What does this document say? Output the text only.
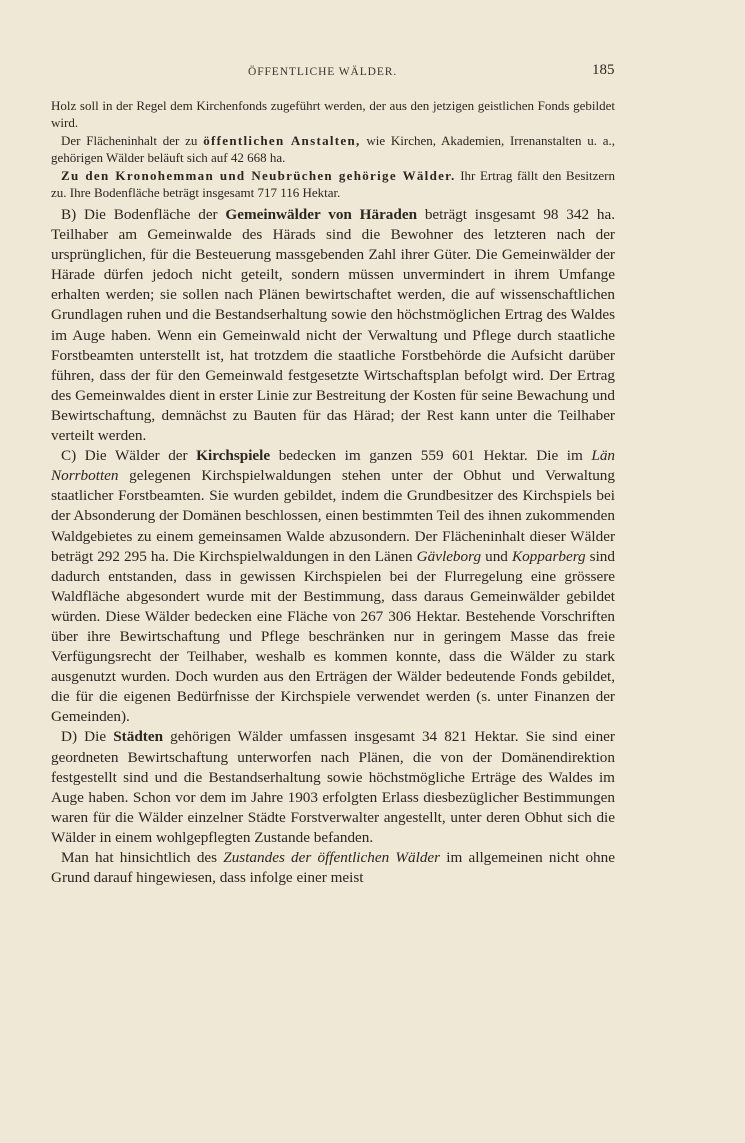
ÖFFENTLICHE WÄLDER.	185

Holz soll in der Regel dem Kirchenfonds zugeführt werden, der aus den jetzigen geistlichen Fonds gebildet wird.

Der Flächeninhalt der zu öffentlichen Anstalten, wie Kirchen, Akademien, Irrenanstalten u. a., gehörigen Wälder beläuft sich auf 42 668 ha.

Zu den Kronohemman und Neubrüchen gehörige Wälder. Ihr Ertrag fällt den Besitzern zu. Ihre Bodenfläche beträgt insgesamt 717 116 Hektar.

B) Die Bodenfläche der Gemeinwälder von Häraden beträgt insgesamt 98 342 ha. Teilhaber am Gemeinwalde des Härads sind die Bewohner des letzteren nach der ursprünglichen, für die Besteuerung massgebenden Zahl ihrer Güter. Die Gemeinwälder der Härade dürfen jedoch nicht geteilt, sondern müssen unvermindert in ihrem Umfange erhalten werden; sie sollen nach Plänen bewirtschaftet werden, die auf wissenschaftlichen Grundlagen ruhen und die Bestandserhaltung sowie den höchstmöglichen Ertrag des Waldes im Auge haben. Wenn ein Gemeinwald nicht der Verwaltung und Pflege durch staatliche Forstbeamten unterstellt ist, hat trotzdem die staatliche Forstbehörde die Aufsicht darüber führen, dass der für den Gemeinwald festgesetzte Wirtschaftsplan befolgt wird. Der Ertrag des Gemeinwaldes dient in erster Linie zur Bestreitung der Kosten für seine Bewachung und Bewirtschaftung, demnächst zu Bauten für das Härad; der Rest kann unter die Teilhaber verteilt werden.

C) Die Wälder der Kirchspiele bedecken im ganzen 559 601 Hektar. Die im Län Norrbotten gelegenen Kirchspielwaldungen stehen unter der Obhut und Verwaltung staatlicher Forstbeamten. Sie wurden gebildet, indem die Grundbesitzer des Kirchspiels bei der Absonderung der Domänen beschlossen, einen bestimmten Teil des ihnen zukommenden Waldgebietes zu einem gemeinsamen Walde abzusondern. Der Flächeninhalt dieser Wälder beträgt 292 295 ha. Die Kirchspielwaldungen in den Länen Gävleborg und Kopparberg sind dadurch entstanden, dass in gewissen Kirchspielen bei der Flurregelung eine grössere Waldfläche abgesondert wurde mit der Bestimmung, dass daraus Gemeinwälder gebildet würden. Diese Wälder bedecken eine Fläche von 267 306 Hektar. Bestehende Vorschriften über ihre Bewirtschaftung und Pflege beschränken nur in geringem Masse das freie Verfügungsrecht der Teilhaber, weshalb es kommen konnte, dass die Wälder zu stark ausgenutzt wurden. Doch wurden aus den Erträgen der Wälder bedeutende Fonds gebildet, die für die eigenen Bedürfnisse der Kirchspiele verwendet werden (s. unter Finanzen der Gemeinden).

D) Die Städten gehörigen Wälder umfassen insgesamt 34 821 Hektar. Sie sind einer geordneten Bewirtschaftung unterworfen nach Plänen, die von der Domänendirektion festgestellt sind und die Bestandserhaltung sowie höchstmögliche Erträge des Waldes im Auge haben. Schon vor dem im Jahre 1903 erfolgten Erlass diesbezüglicher Bestimmungen waren für die Wälder einzelner Städte Forstverwalter angestellt, unter deren Obhut sich die Wälder in einem wohlgepflegten Zustande befanden.

Man hat hinsichtlich des Zustandes der öffentlichen Wälder im allgemeinen nicht ohne Grund darauf hingewiesen, dass infolge einer meist
